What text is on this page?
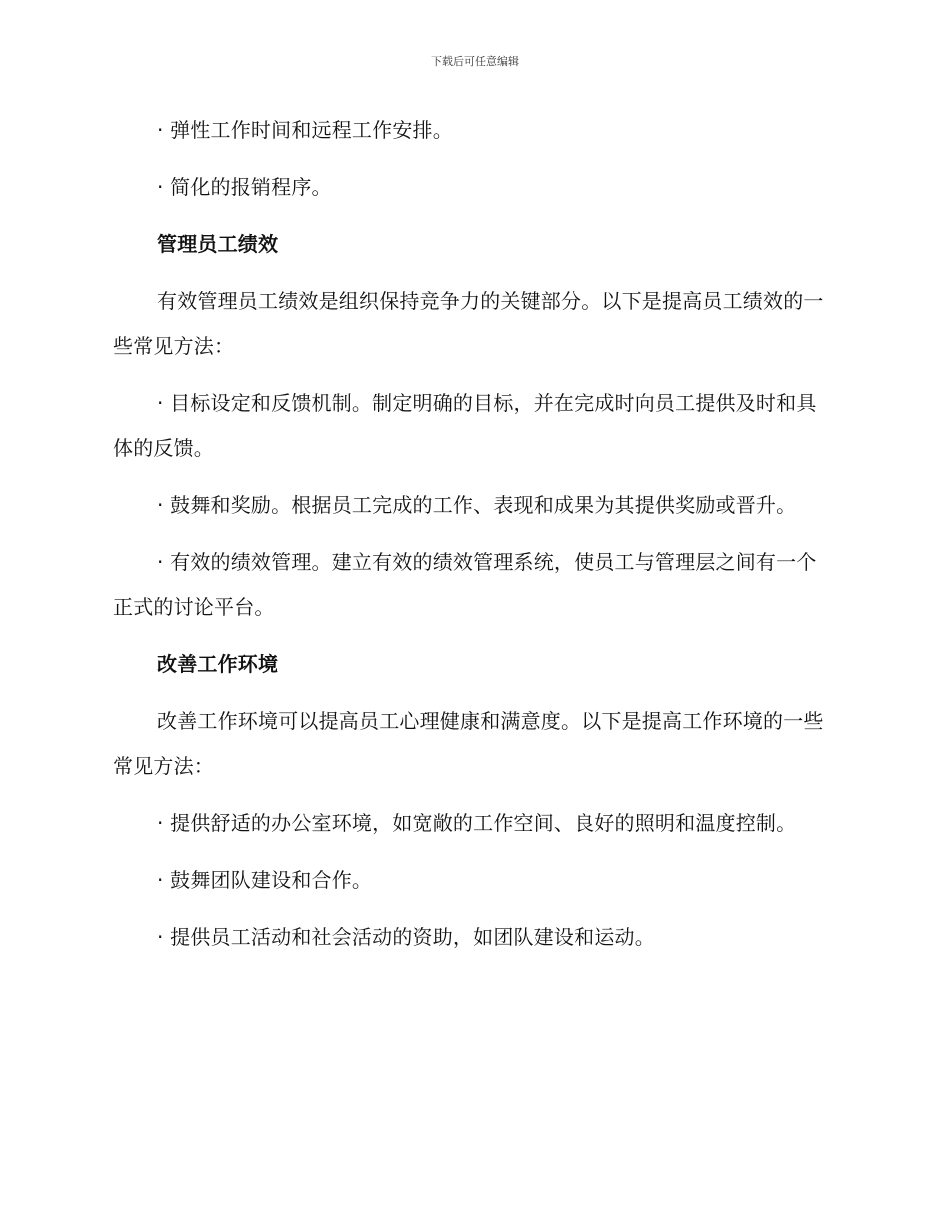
下载后可任意编辑

· 弹性工作时间和远程工作安排。

· 简化的报销程序。

管理员工绩效

有效管理员工绩效是组织保持竞争力的关键部分。以下是提高员工绩效的一些常见方法：

· 目标设定和反馈机制。制定明确的目标，并在完成时向员工提供及时和具体的反馈。

· 鼓舞和奖励。根据员工完成的工作、表现和成果为其提供奖励或晋升。

· 有效的绩效管理。建立有效的绩效管理系统，使员工与管理层之间有一个正式的讨论平台。

改善工作环境

改善工作环境可以提高员工心理健康和满意度。以下是提高工作环境的一些常见方法：

· 提供舒适的办公室环境，如宽敞的工作空间、良好的照明和温度控制。

· 鼓舞团队建设和合作。

· 提供员工活动和社会活动的资助，如团队建设和运动。
